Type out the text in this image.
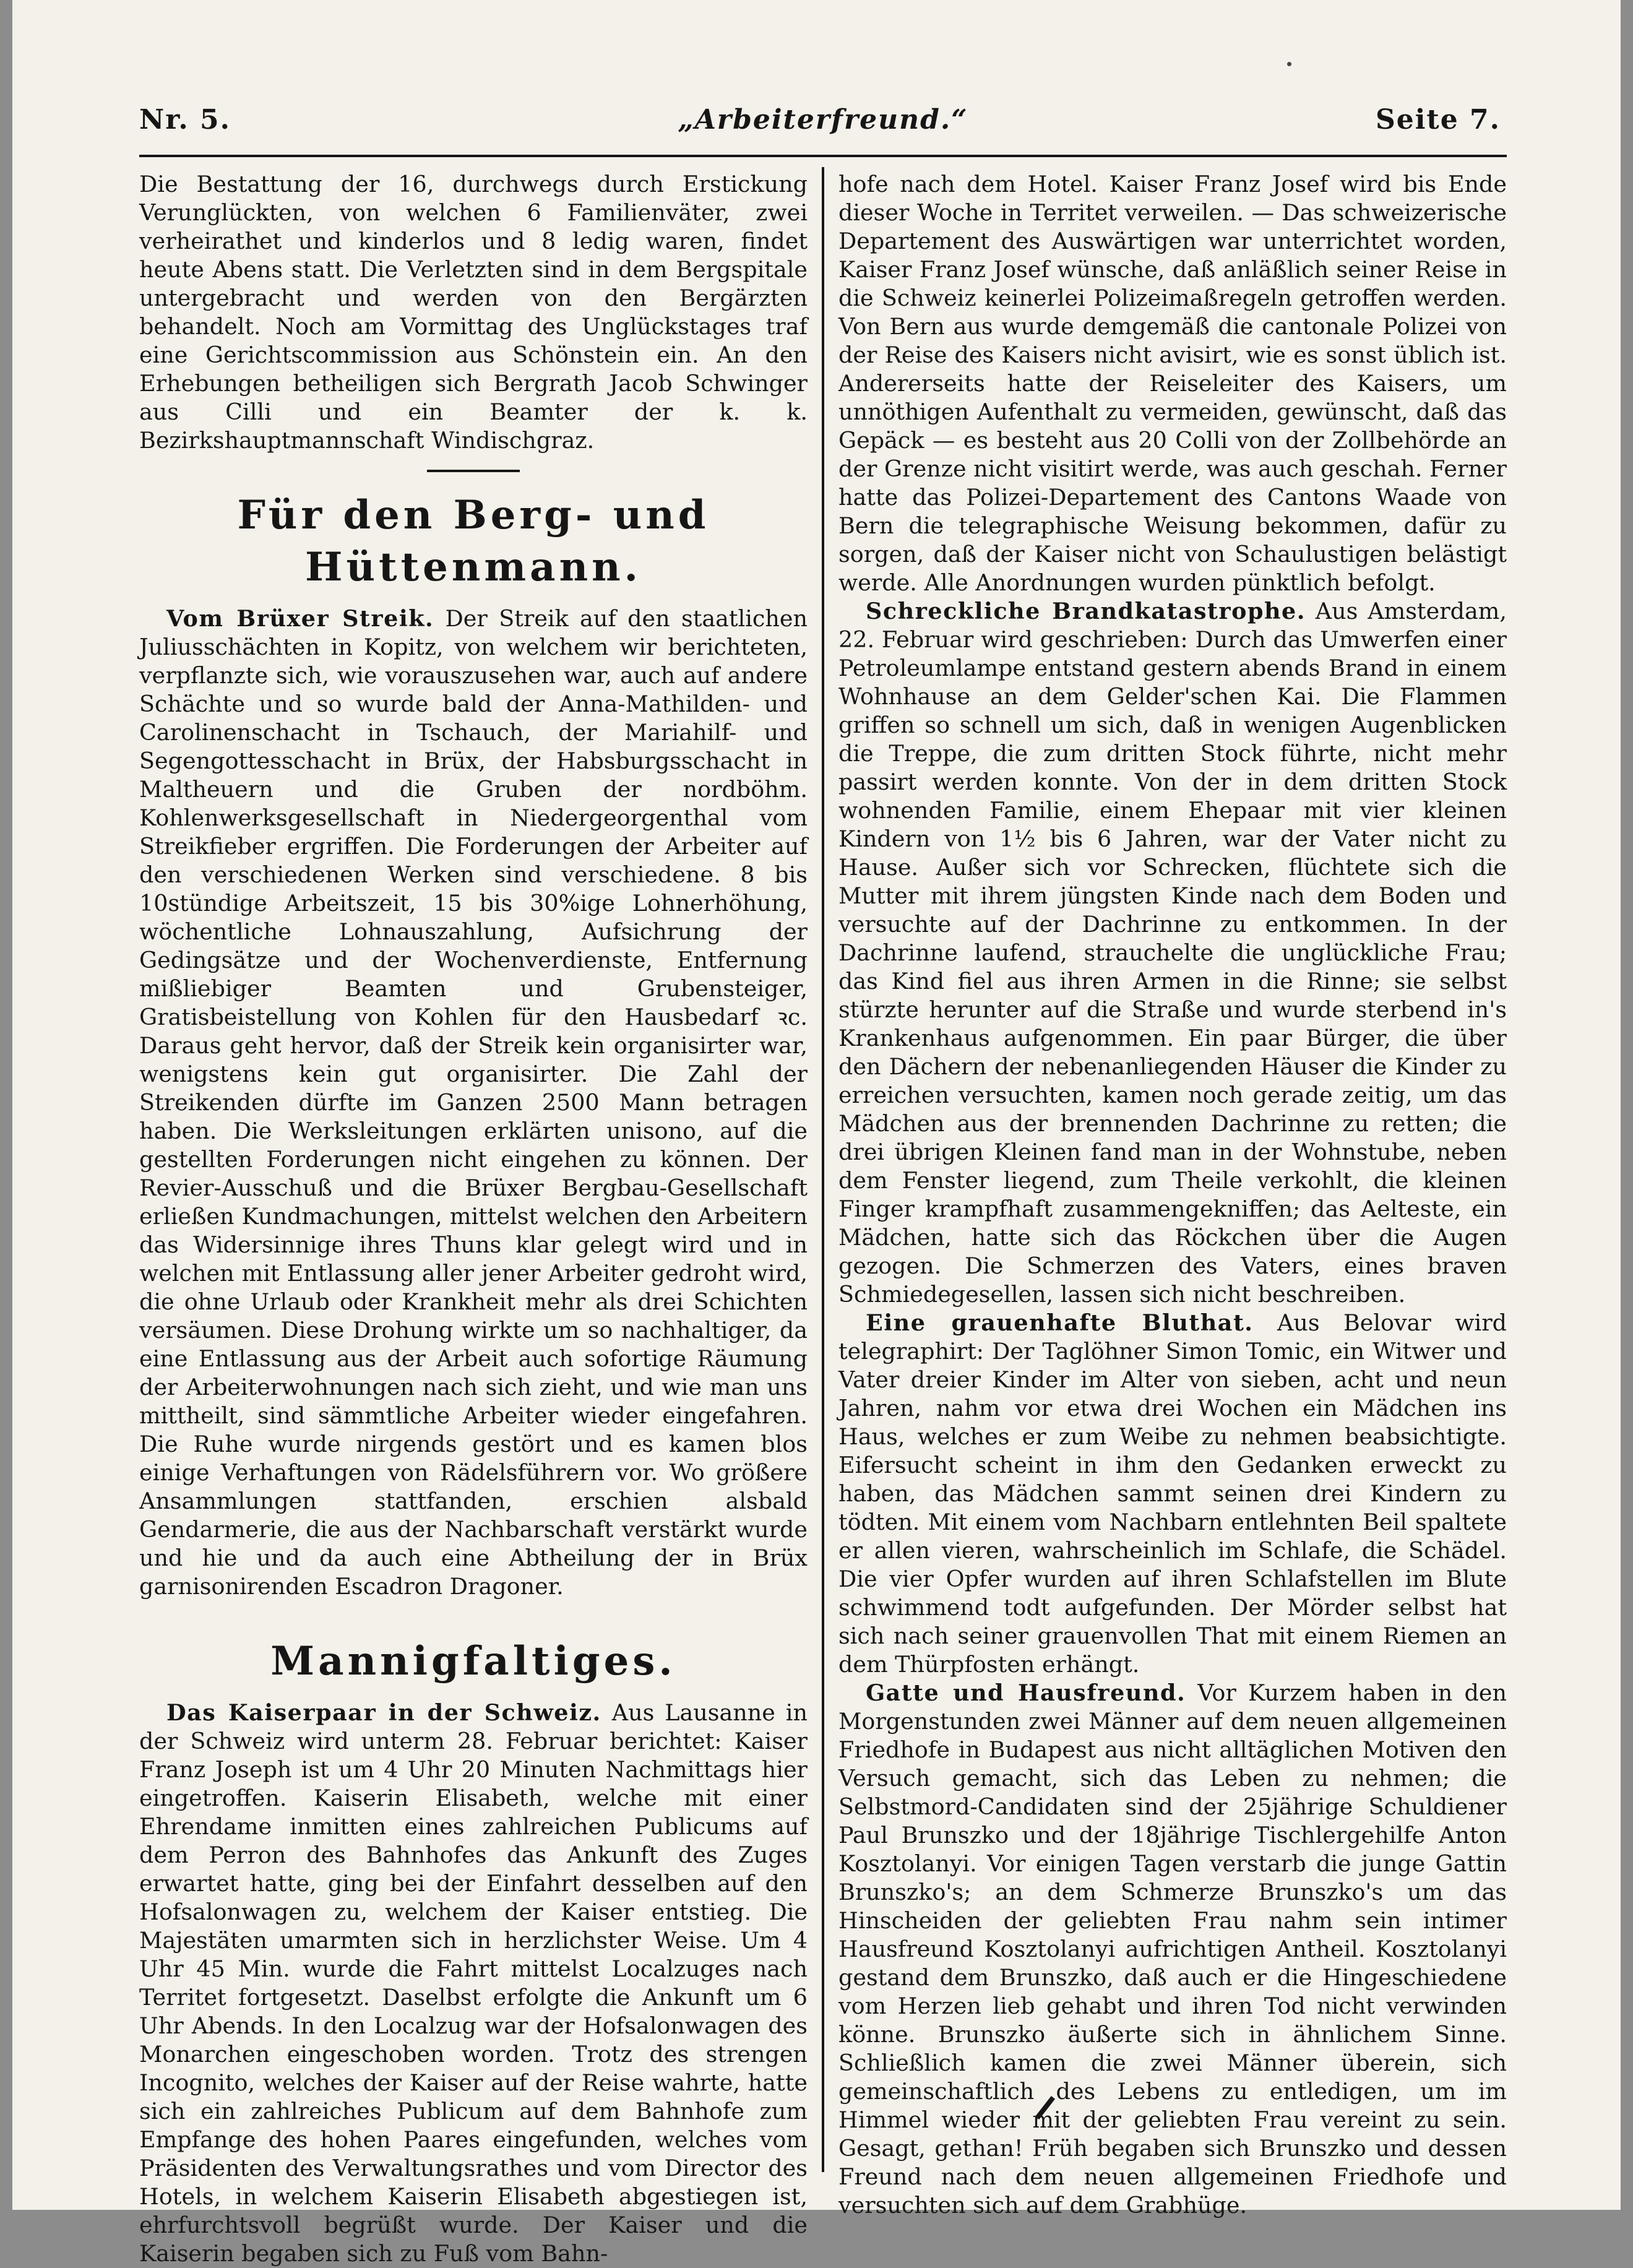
Nr. 5.	„Arbeiterfreund.“	Seite 7.

Die Bestattung der 16, durchwegs durch Erstickung Verunglückten, von welchen 6 Familienväter, zwei verheirathet und kinderlos und 8 ledig waren, findet heute Abens statt. Die Verletzten sind in dem Bergspitale untergebracht und werden von den Bergärzten behandelt. Noch am Vormittag des Unglückstages traf eine Gerichtscommission aus Schönstein ein. An den Erhebungen betheiligen sich Bergrath Jacob Schwinger aus Cilli und ein Beamter der k. k. Bezirkshauptmannschaft Windischgraz.

Für den Berg- und Hüttenmann.

Vom Brüxer Streik. Der Streik auf den staatlichen Juliusschächten in Kopitz, von welchem wir berichteten, verpflanzte sich, wie vorauszusehen war, auch auf andere Schächte und so wurde bald der Anna-Mathilden- und Carolinenschacht in Tschauch, der Mariahilf- und Segengottesschacht in Brüx, der Habsburgsschacht in Maltheuern und die Gruben der nordböhm. Kohlenwerksgesellschaft in Niedergeorgenthal vom Streikfieber ergriffen. Die Forderungen der Arbeiter auf den verschiedenen Werken sind verschiedene. 8 bis 10stündige Arbeitszeit, 15 bis 30%ige Lohnerhöhung, wöchentliche Lohnauszahlung, Aufsichrung der Gedingsätze und der Wochenverdienste, Entfernung mißliebiger Beamten und Grubensteiger, Gratisbeistellung von Kohlen für den Hausbedarf ꝛc. Daraus geht hervor, daß der Streik kein organisirter war, wenigstens kein gut organisirter. Die Zahl der Streikenden dürfte im Ganzen 2500 Mann betragen haben. Die Werksleitungen erklärten unisono, auf die gestellten Forderungen nicht eingehen zu können. Der Revier-Ausschuß und die Brüxer Bergbau-Gesellschaft erließen Kundmachungen, mittelst welchen den Arbeitern das Widersinnige ihres Thuns klar gelegt wird und in welchen mit Entlassung aller jener Arbeiter gedroht wird, die ohne Urlaub oder Krankheit mehr als drei Schichten versäumen. Diese Drohung wirkte um so nachhaltiger, da eine Entlassung aus der Arbeit auch sofortige Räumung der Arbeiterwohnungen nach sich zieht, und wie man uns mittheilt, sind sämmtliche Arbeiter wieder eingefahren. Die Ruhe wurde nirgends gestört und es kamen blos einige Verhaftungen von Rädelsführern vor. Wo größere Ansammlungen stattfanden, erschien alsbald Gendarmerie, die aus der Nachbarschaft verstärkt wurde und hie und da auch eine Abtheilung der in Brüx garnisonirenden Escadron Dragoner.

Mannigfaltiges.

Das Kaiserpaar in der Schweiz. Aus Lausanne in der Schweiz wird unterm 28. Februar berichtet: Kaiser Franz Joseph ist um 4 Uhr 20 Minuten Nachmittags hier eingetroffen. Kaiserin Elisabeth, welche mit einer Ehrendame inmitten eines zahlreichen Publicums auf dem Perron des Bahnhofes das Ankunft des Zuges erwartet hatte, ging bei der Einfahrt desselben auf den Hofsalonwagen zu, welchem der Kaiser entstieg. Die Majestäten umarmten sich in herzlichster Weise. Um 4 Uhr 45 Min. wurde die Fahrt mittelst Localzuges nach Territet fortgesetzt. Daselbst erfolgte die Ankunft um 6 Uhr Abends. In den Localzug war der Hofsalonwagen des Monarchen eingeschoben worden. Trotz des strengen Incognito, welches der Kaiser auf der Reise wahrte, hatte sich ein zahlreiches Publicum auf dem Bahnhofe zum Empfange des hohen Paares eingefunden, welches vom Präsidenten des Verwaltungsrathes und vom Director des Hotels, in welchem Kaiserin Elisabeth abgestiegen ist, ehrfurchtsvoll begrüßt wurde. Der Kaiser und die Kaiserin begaben sich zu Fuß vom Bahn-

hofe nach dem Hotel. Kaiser Franz Josef wird bis Ende dieser Woche in Territet verweilen. — Das schweizerische Departement des Auswärtigen war unterrichtet worden, Kaiser Franz Josef wünsche, daß anläßlich seiner Reise in die Schweiz keinerlei Polizeimaßregeln getroffen werden. Von Bern aus wurde demgemäß die cantonale Polizei von der Reise des Kaisers nicht avisirt, wie es sonst üblich ist. Andererseits hatte der Reiseleiter des Kaisers, um unnöthigen Aufenthalt zu vermeiden, gewünscht, daß das Gepäck — es besteht aus 20 Colli von der Zollbehörde an der Grenze nicht visitirt werde, was auch geschah. Ferner hatte das Polizei-Departement des Cantons Waade von Bern die telegraphische Weisung bekommen, dafür zu sorgen, daß der Kaiser nicht von Schaulustigen belästigt werde. Alle Anordnungen wurden pünktlich befolgt.

Schreckliche Brandkatastrophe. Aus Amsterdam, 22. Februar wird geschrieben: Durch das Umwerfen einer Petroleumlampe entstand gestern abends Brand in einem Wohnhause an dem Gelder'schen Kai. Die Flammen griffen so schnell um sich, daß in wenigen Augenblicken die Treppe, die zum dritten Stock führte, nicht mehr passirt werden konnte. Von der in dem dritten Stock wohnenden Familie, einem Ehepaar mit vier kleinen Kindern von 1½ bis 6 Jahren, war der Vater nicht zu Hause. Außer sich vor Schrecken, flüchtete sich die Mutter mit ihrem jüngsten Kinde nach dem Boden und versuchte auf der Dachrinne zu entkommen. In der Dachrinne laufend, strauchelte die unglückliche Frau; das Kind fiel aus ihren Armen in die Rinne; sie selbst stürzte herunter auf die Straße und wurde sterbend in's Krankenhaus aufgenommen. Ein paar Bürger, die über den Dächern der nebenanliegenden Häuser die Kinder zu erreichen versuchten, kamen noch gerade zeitig, um das Mädchen aus der brennenden Dachrinne zu retten; die drei übrigen Kleinen fand man in der Wohnstube, neben dem Fenster liegend, zum Theile verkohlt, die kleinen Finger krampfhaft zusammengekniffen; das Aelteste, ein Mädchen, hatte sich das Röckchen über die Augen gezogen. Die Schmerzen des Vaters, eines braven Schmiedegesellen, lassen sich nicht beschreiben.

Eine grauenhafte Bluthat. Aus Belovar wird telegraphirt: Der Taglöhner Simon Tomic, ein Witwer und Vater dreier Kinder im Alter von sieben, acht und neun Jahren, nahm vor etwa drei Wochen ein Mädchen ins Haus, welches er zum Weibe zu nehmen beabsichtigte. Eifersucht scheint in ihm den Gedanken erweckt zu haben, das Mädchen sammt seinen drei Kindern zu tödten. Mit einem vom Nachbarn entlehnten Beil spaltete er allen vieren, wahrscheinlich im Schlafe, die Schädel. Die vier Opfer wurden auf ihren Schlafstellen im Blute schwimmend todt aufgefunden. Der Mörder selbst hat sich nach seiner grauenvollen That mit einem Riemen an dem Thürpfosten erhängt.

Gatte und Hausfreund. Vor Kurzem haben in den Morgenstunden zwei Männer auf dem neuen allgemeinen Friedhofe in Budapest aus nicht alltäglichen Motiven den Versuch gemacht, sich das Leben zu nehmen; die Selbstmord-Candidaten sind der 25jährige Schuldiener Paul Brunszko und der 18jährige Tischlergehilfe Anton Kosztolanyi. Vor einigen Tagen verstarb die junge Gattin Brunszko's; an dem Schmerze Brunszko's um das Hinscheiden der geliebten Frau nahm sein intimer Hausfreund Kosztolanyi aufrichtigen Antheil. Kosztolanyi gestand dem Brunszko, daß auch er die Hingeschiedene vom Herzen lieb gehabt und ihren Tod nicht verwinden könne. Brunszko äußerte sich in ähnlichem Sinne. Schließlich kamen die zwei Männer überein, sich gemeinschaftlich des Lebens zu entledigen, um im Himmel wieder mit der geliebten Frau vereint zu sein. Gesagt, gethan! Früh begaben sich Brunszko und dessen Freund nach dem neuen allgemeinen Friedhofe und versuchten sich auf dem Grabhüge.
